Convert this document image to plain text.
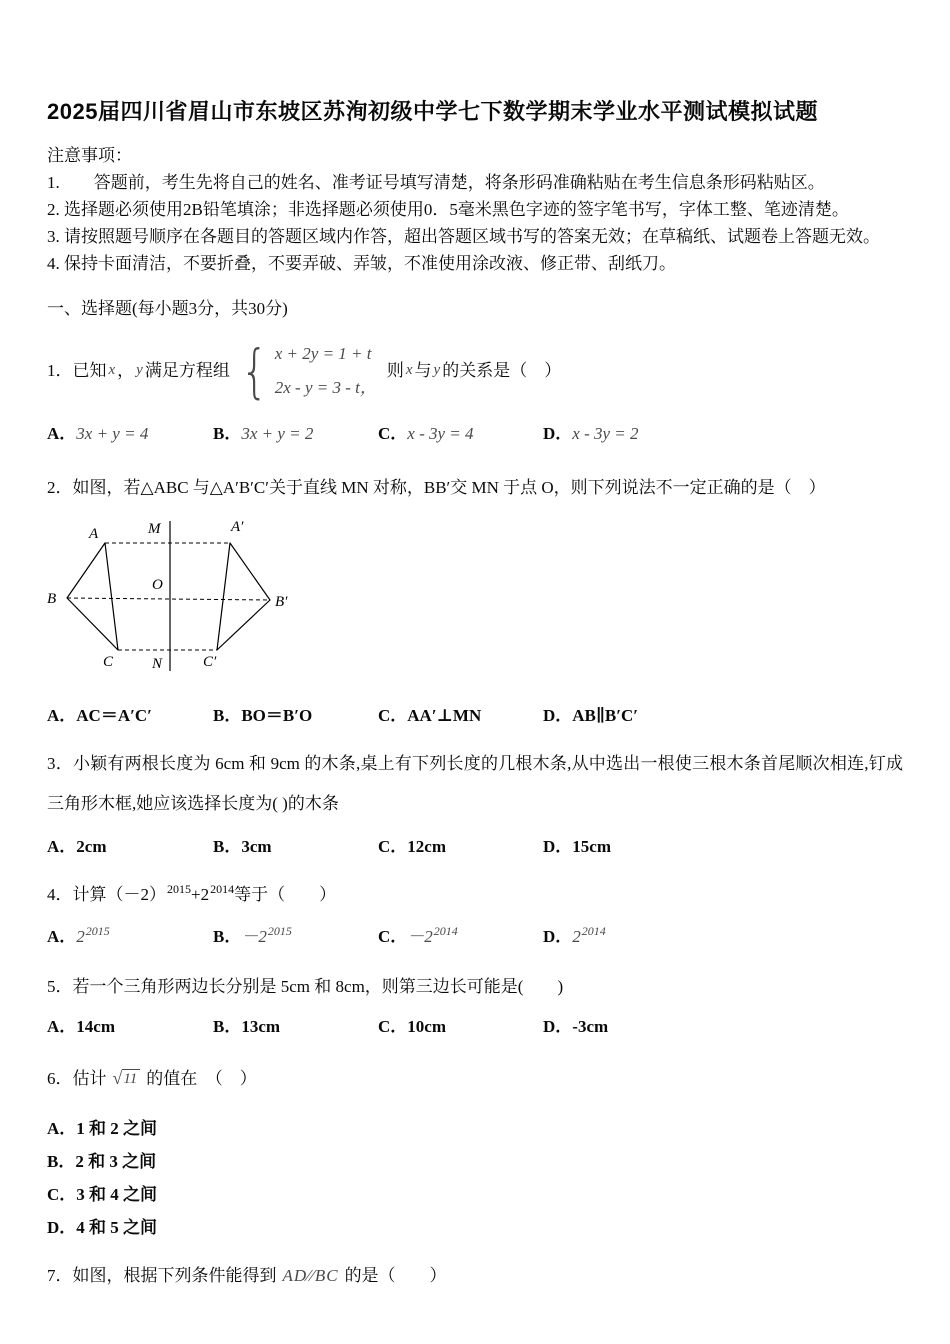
2025届四川省眉山市东坡区苏洵初级中学七下数学期末学业水平测试模拟试题
注意事项：
1.　　答题前，考生先将自己的姓名、准考证号填写清楚，将条形码准确粘贴在考生信息条形码粘贴区。
2. 选择题必须使用2B铅笔填涂；非选择题必须使用0．5毫米黑色字迹的签字笔书写，字体工整、笔迹清楚。
3. 请按照题号顺序在各题目的答题区域内作答，超出答题区域书写的答案无效；在草稿纸、试题卷上答题无效。
4. 保持卡面清洁，不要折叠，不要弄破、弄皱，不准使用涂改液、修正带、刮纸刀。
一、选择题(每小题3分，共30分)
1．已知 x ， y 满足方程组 { x + 2y = 1 + t
2x - y = 3 - t，
则 x 与 y 的关系是（　）
A．3x + y = 4	B．3x + y = 2	C．x - 3y = 4	D．x - 3y = 2
2．如图，若△ABC 与△A′B′C′关于直线 MN 对称，BB′交 MN 于点 O，则下列说法不一定正确的是（　）
A	M	A′
B
O
B′
C	N	C′
A．AC＝A′C′	B．BO＝B′O	C．AA′⊥MN	D．AB∥B′C′
3．小颖有两根长度为 6cm 和 9cm 的木条,桌上有下列长度的几根木条,从中选出一根使三根木条首尾顺次相连,钉成三角形木框,她应该选择长度为( )的木条
A．2cm	B．3cm	C．12cm	D．15cm
4．计算$(-2)^{2015}+2^{2014}$等于（　　）
A．$2^{2015}$	B．$-2^{2015}$	C．$-2^{2014}$	D．$2^{2014}$
5．若一个三角形两边长分别是 5cm 和 8cm，则第三边长可能是(　　)
A．14cm	B．13cm	C．10cm	D．-3cm
6．估计 √ 11 的值在　（　）
A．1 和 2 之间
B．2 和 3 之间
C．3 和 4 之间
D．4 和 5 之间
7．如图，根据下列条件能得到 AD∕∕BC 的是（　　）
